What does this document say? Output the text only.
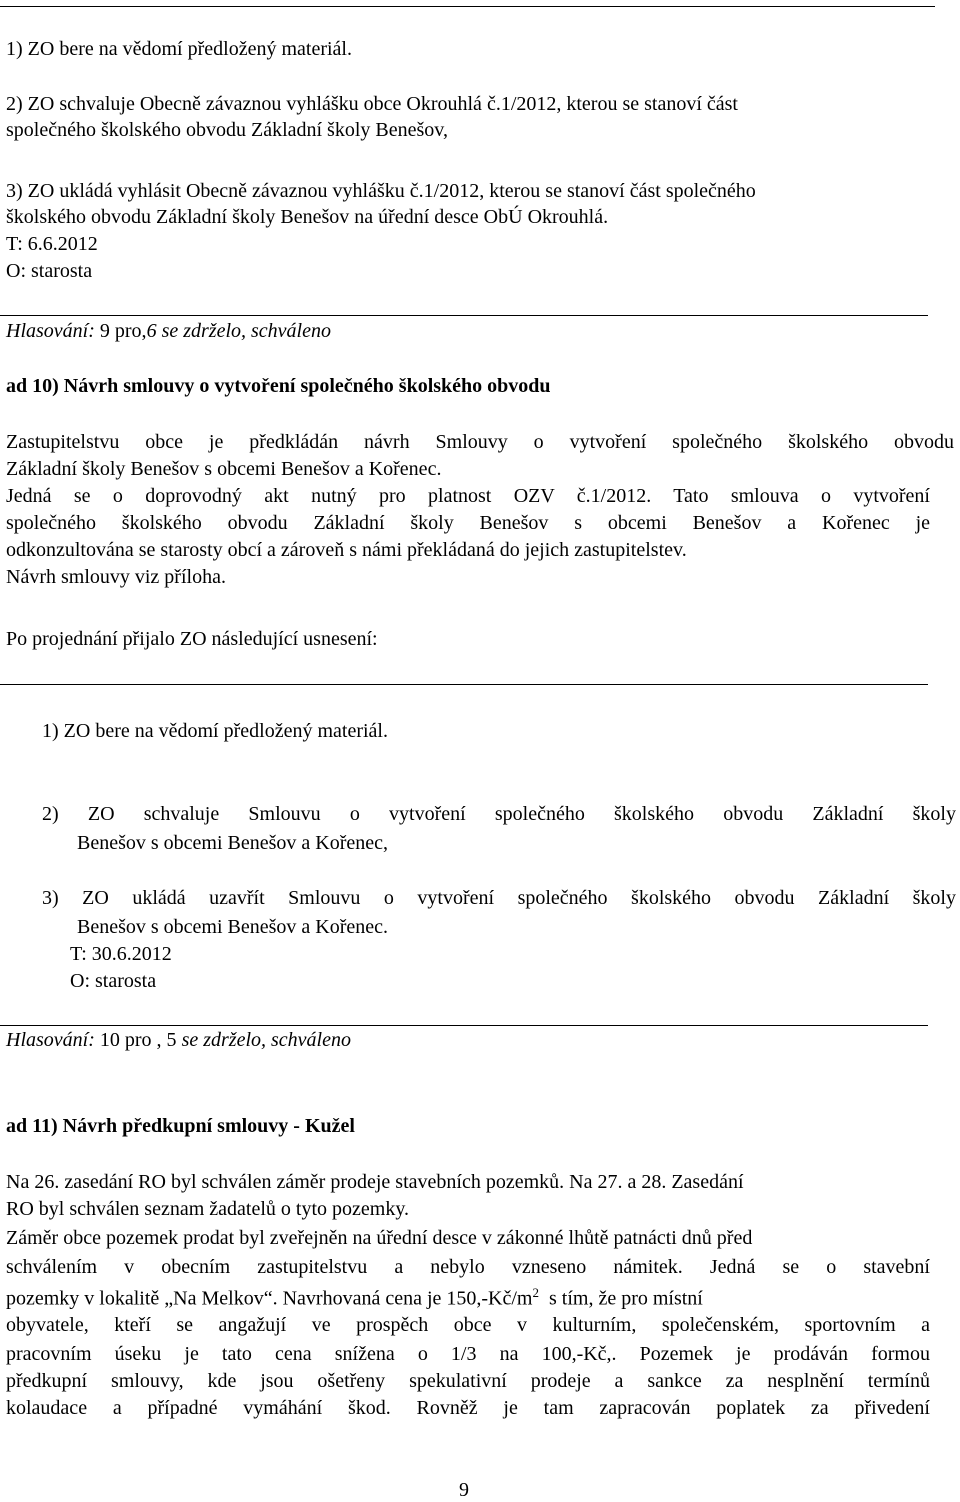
1) ZO bere na vědomí předložený materiál.
2) ZO schvaluje Obecně závaznou vyhlášku obce Okrouhlá č.1/2012, kterou se stanoví část
společného školského obvodu Základní školy Benešov,
3) ZO ukládá vyhlásit Obecně závaznou vyhlášku č.1/2012, kterou se stanoví část společného
školského obvodu Základní školy Benešov na úřední desce ObÚ Okrouhlá.
T: 6.6.2012
O: starosta
Hlasování: 9 pro,6 se zdrželo, schváleno
ad 10) Návrh smlouvy o vytvoření společného školského obvodu
Zastupitelstvu obce je předkládán návrh Smlouvy o vytvoření společného školského obvodu
Základní školy Benešov s obcemi Benešov a Kořenec.
Jedná se o doprovodný akt nutný pro platnost OZV č.1/2012. Tato smlouva o vytvoření
společného školského obvodu Základní školy Benešov s obcemi Benešov a Kořenec je
odkonzultována se starosty obcí a zároveň s námi překládaná do jejich zastupitelstev.
Návrh smlouvy viz příloha.
Po projednání přijalo ZO následující usnesení:
1) ZO bere na vědomí předložený materiál.
2) ZO schvaluje Smlouvu o vytvoření společného školského obvodu Základní školy
Benešov s obcemi Benešov a Kořenec,
3) ZO ukládá uzavřít Smlouvu o vytvoření společného školského obvodu Základní školy
Benešov s obcemi Benešov a Kořenec.
T: 30.6.2012
O: starosta
Hlasování: 10 pro , 5 se zdrželo, schváleno
ad 11) Návrh předkupní smlouvy - Kužel
Na 26. zasedání RO byl schválen záměr prodeje stavebních pozemků. Na 27. a 28. Zasedání
RO byl schválen seznam žadatelů o tyto pozemky.
Záměr obce pozemek prodat byl zveřejněn na úřední desce v zákonné lhůtě patnácti dnů před
schválením v obecním zastupitelstvu a nebylo vzneseno námitek. Jedná se o stavební
pozemky v lokalitě „Na Melkov“. Navrhovaná cena je $150,-Kč/m^2$  s tím, že pro místní
obyvatele, kteří se angažují ve prospěch obce v kulturním, společenském, sportovním a
pracovním úseku je tato cena snížena o 1/3 na 100,-Kč,. Pozemek je prodáván formou
předkupní smlouvy, kde jsou ošetřeny spekulativní prodeje a sankce za nesplnění termínů
kolaudace a případné vymáhání škod. Rovněž je tam zapracován poplatek za přivedení
9
